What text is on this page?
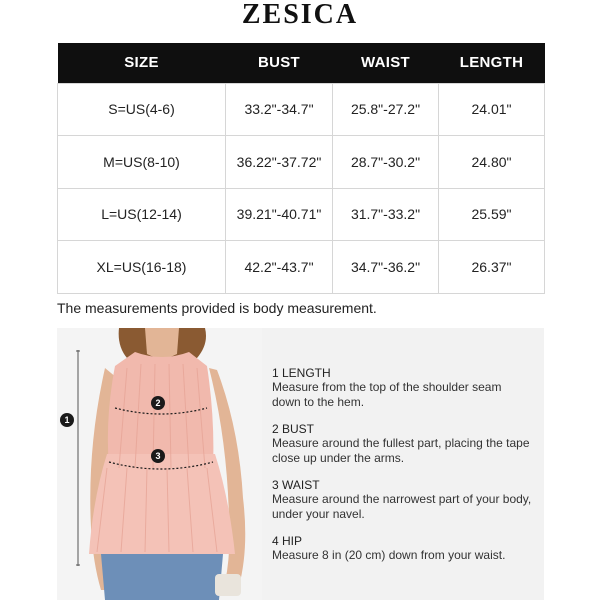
ZESICA
SIZE	BUST	WAIST	LENGTH
S=US(4-6)	33.2"-34.7"	25.8"-27.2"	24.01"
M=US(8-10)	36.22"-37.72"	28.7"-30.2"	24.80"
L=US(12-14)	39.21"-40.71"	31.7"-33.2"	25.59"
XL=US(16-18)	42.2"-43.7"	34.7"-36.2"	26.37"
The measurements provided is body measurement.
1
2
3
1 LENGTH
Measure from the top of the shoulder seam down to the hem.
2 BUST
Measure around the fullest part, placing the tape close up under the arms.
3 WAIST
Measure around the narrowest part of your body, under your navel.
4 HIP
Measure 8 in (20 cm) down from your waist.
